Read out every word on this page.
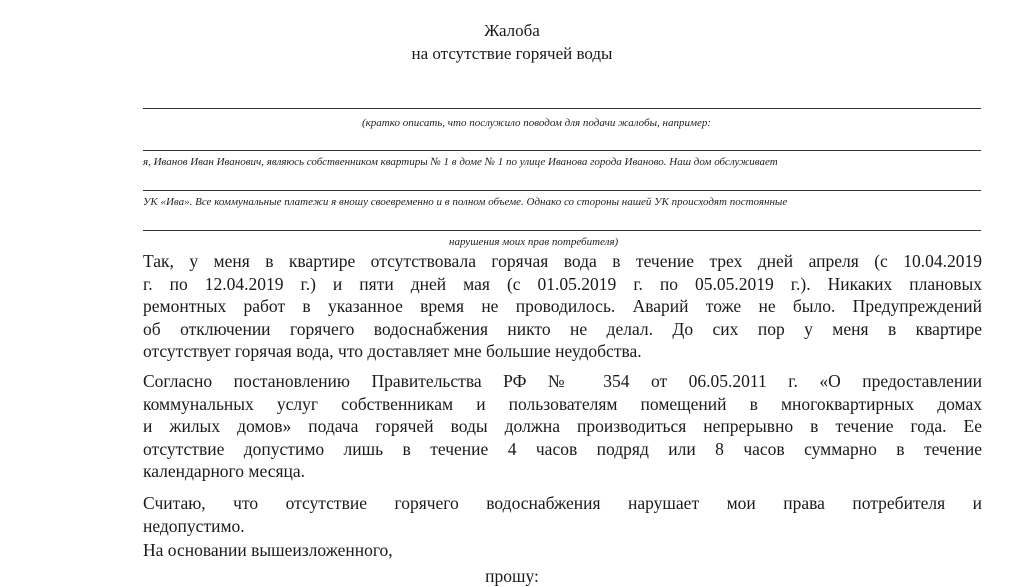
Жалоба
на отсутствие горячей воды
(кратко описать, что послужило поводом для подачи жалобы, например:
я, Иванов Иван Иванович, являюсь собственником квартиры № 1 в доме № 1 по улице Иванова города Иваново. Наш дом обслуживает
УК «Ива». Все коммунальные платежи я вношу своевременно и в полном объеме. Однако со стороны нашей УК происходят постоянные
нарушения моих прав потребителя)
Так, у меня в квартире отсутствовала горячая вода в течение трех дней апреля (с 10.04.2019
г. по 12.04.2019 г.) и пяти дней мая (с 01.05.2019 г. по 05.05.2019 г.). Никаких плановых
ремонтных работ в указанное время не проводилось. Аварий тоже не было. Предупреждений
об отключении горячего водоснабжения никто не делал. До сих пор у меня в квартире
отсутствует горячая вода, что доставляет мне большие неудобства.
Согласно постановлению Правительства РФ № 354 от 06.05.2011 г. «О предоставлении
коммунальных услуг собственникам и пользователям помещений в многоквартирных домах
и жилых домов» подача горячей воды должна производиться непрерывно в течение года. Ее
отсутствие допустимо лишь в течение 4 часов подряд или 8 часов суммарно в течение
календарного месяца.
Считаю, что отсутствие горячего водоснабжения нарушает мои права потребителя и
недопустимо.
На основании вышеизложенного,
прошу:
